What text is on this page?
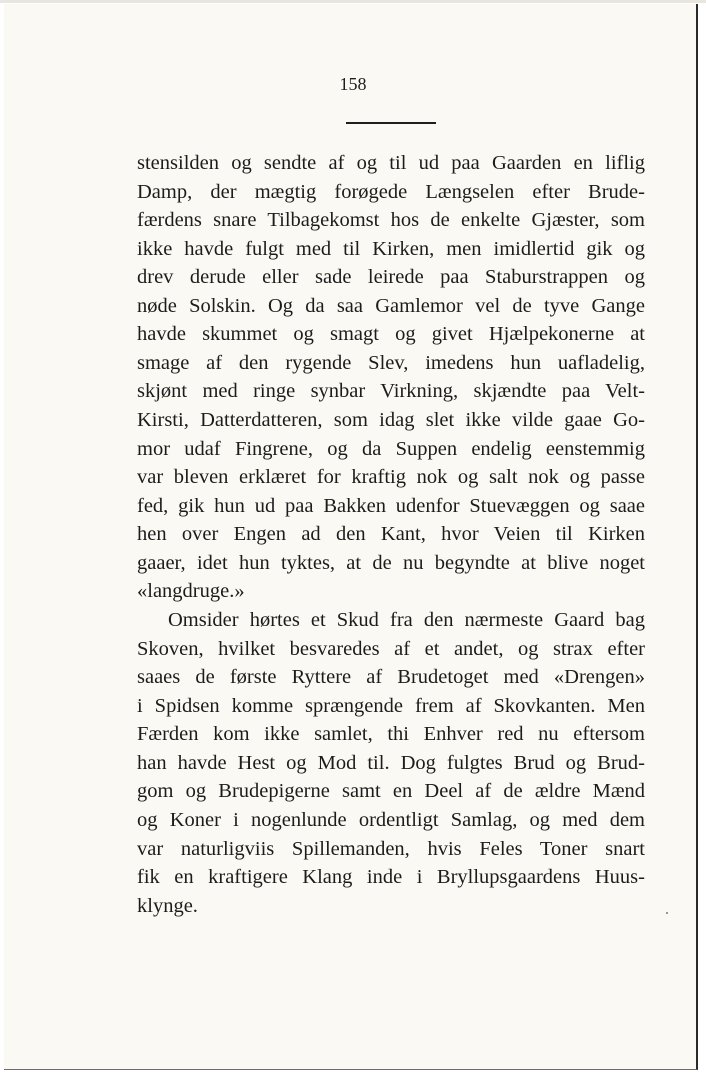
158
stensilden og sendte af og til ud paa Gaarden en liflig
Damp, der mægtig forøgede Længselen efter Brude-
færdens snare Tilbagekomst hos de enkelte Gjæster, som
ikke havde fulgt med til Kirken, men imidlertid gik og
drev derude eller sade leirede paa Staburstrappen og
nøde Solskin. Og da saa Gamlemor vel de tyve Gange
havde skummet og smagt og givet Hjælpekonerne at
smage af den rygende Slev, imedens hun uafladelig,
skjønt med ringe synbar Virkning, skjændte paa Velt-
Kirsti, Datterdatteren, som idag slet ikke vilde gaae Go-
mor udaf Fingrene, og da Suppen endelig eenstemmig
var bleven erklæret for kraftig nok og salt nok og passe
fed, gik hun ud paa Bakken udenfor Stuevæggen og saae
hen over Engen ad den Kant, hvor Veien til Kirken
gaaer, idet hun tyktes, at de nu begyndte at blive noget
«langdruge.»
Omsider hørtes et Skud fra den nærmeste Gaard bag
Skoven, hvilket besvaredes af et andet, og strax efter
saaes de første Ryttere af Brudetoget med «Drengen»
i Spidsen komme sprængende frem af Skovkanten. Men
Færden kom ikke samlet, thi Enhver red nu eftersom
han havde Hest og Mod til. Dog fulgtes Brud og Brud-
gom og Brudepigerne samt en Deel af de ældre Mænd
og Koner i nogenlunde ordentligt Samlag, og med dem
var naturligviis Spillemanden, hvis Feles Toner snart
fik en kraftigere Klang inde i Bryllupsgaardens Huus-
klynge.
